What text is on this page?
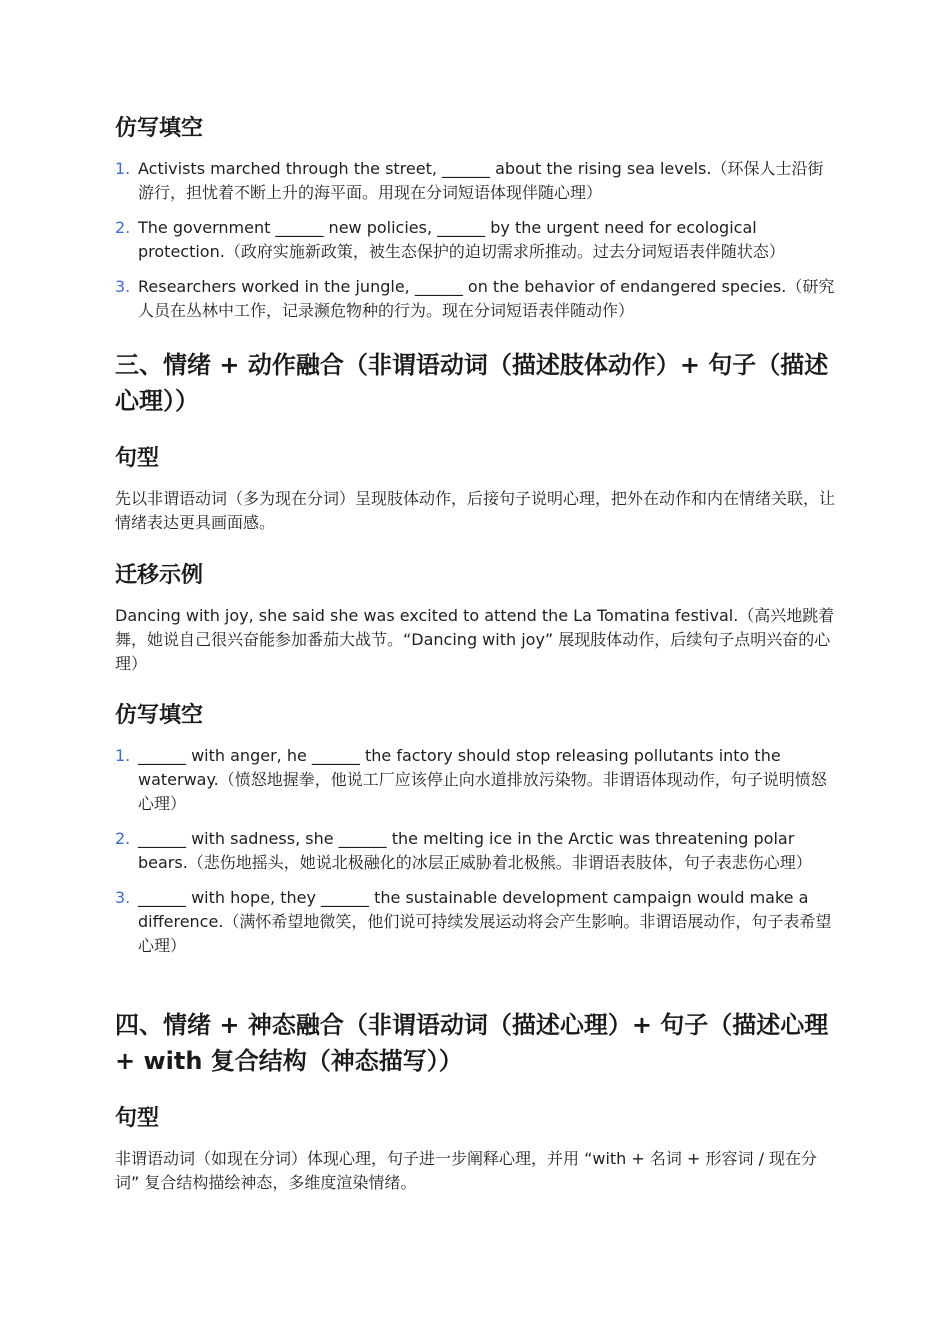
仿写填空
1. Activists marched through the street, ______ about the rising sea levels.（环保人士沿街游行，担忧着不断上升的海平面。用现在分词短语体现伴随心理）
2. The government ______ new policies, ______ by the urgent need for ecological protection.（政府实施新政策，被生态保护的迫切需求所推动。过去分词短语表伴随状态）
3. Researchers worked in the jungle, ______ on the behavior of endangered species.（研究人员在丛林中工作，记录濒危物种的行为。现在分词短语表伴随动作）
三、情绪 + 动作融合（非谓语动词（描述肢体动作）+ 句子（描述心理））
句型
先以非谓语动词（多为现在分词）呈现肢体动作，后接句子说明心理，把外在动作和内在情绪关联，让情绪表达更具画面感。
迁移示例
Dancing with joy, she said she was excited to attend the La Tomatina festival.（高兴地跳着舞，她说自己很兴奋能参加番茄大战节。“Dancing with joy” 展现肢体动作，后续句子点明兴奋的心理）
仿写填空
1. ______ with anger, he ______ the factory should stop releasing pollutants into the waterway.（愤怒地握拳，他说工厂应该停止向水道排放污染物。非谓语体现动作，句子说明愤怒心理）
2. ______ with sadness, she ______ the melting ice in the Arctic was threatening polar bears.（悲伤地摇头，她说北极融化的冰层正威胁着北极熊。非谓语表肢体，句子表悲伤心理）
3. ______ with hope, they ______ the sustainable development campaign would make a difference.（满怀希望地微笑，他们说可持续发展运动将会产生影响。非谓语展动作，句子表希望心理）
四、情绪 + 神态融合（非谓语动词（描述心理）+ 句子（描述心理 + with 复合结构（神态描写））
句型
非谓语动词（如现在分词）体现心理，句子进一步阐释心理，并用 “with + 名词 + 形容词 / 现在分词” 复合结构描绘神态，多维度渲染情绪。
